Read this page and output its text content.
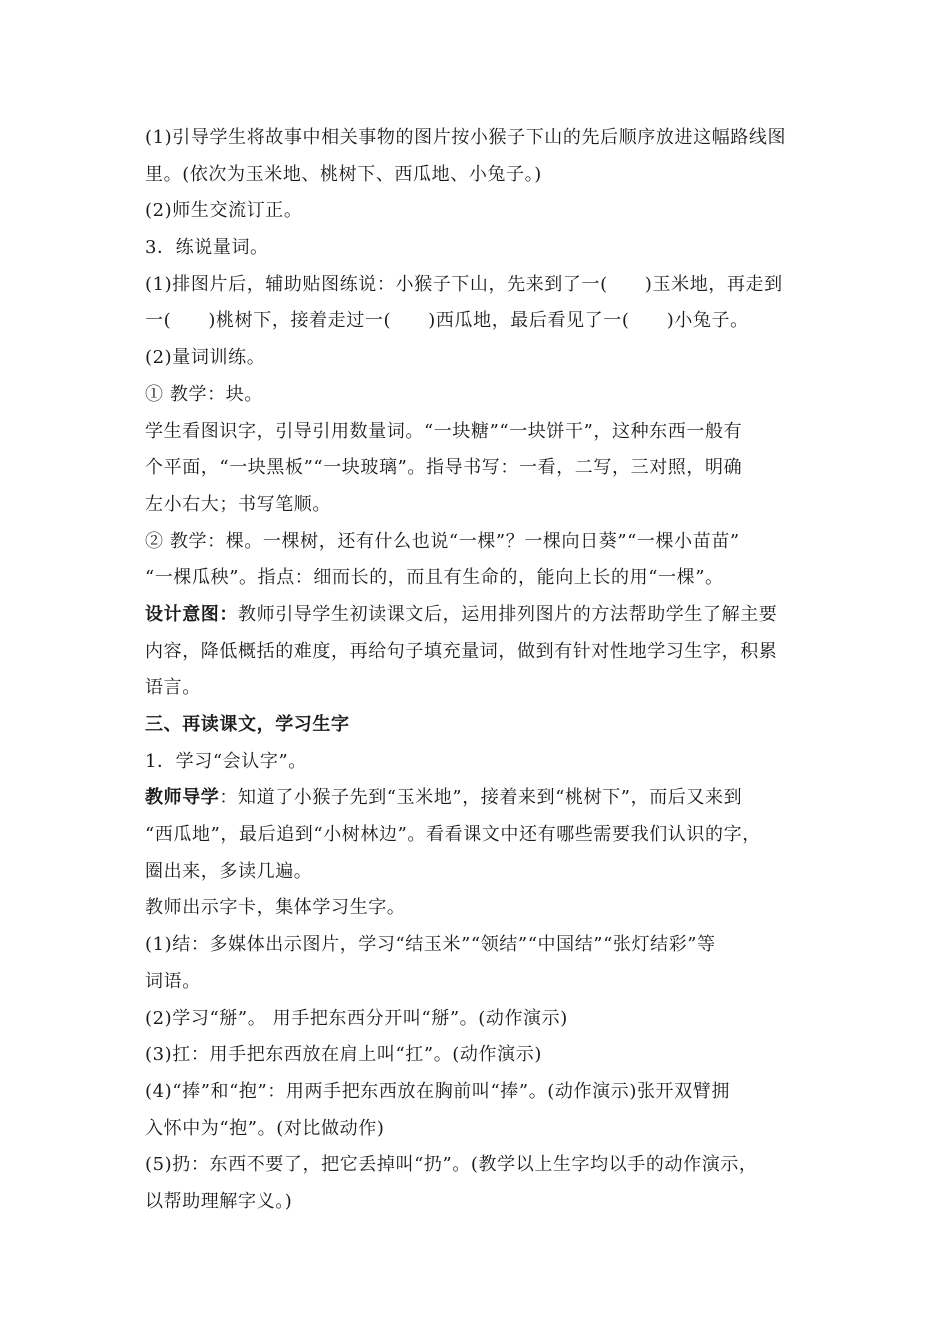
(1)引导学生将故事中相关事物的图片按小猴子下山的先后顺序放进这幅路线图
里。(依次为玉米地、桃树下、西瓜地、小兔子。)
(2)师生交流订正。
3．练说量词。
(1)排图片后，辅助贴图练说：小猴子下山，先来到了一(　　)玉米地，再走到
一(　　)桃树下，接着走过一(　　)西瓜地，最后看见了一(　　)小兔子。
(2)量词训练。
① 教学：块。
学生看图识字，引导引用数量词。“一块糖”“一块饼干”，这种东西一般有
个平面，“一块黑板”“一块玻璃”。指导书写：一看，二写，三对照，明确
左小右大；书写笔顺。
② 教学：棵。一棵树，还有什么也说“一棵”？一棵向日葵”“一棵小苗苗”
“一棵瓜秧”。指点：细而长的，而且有生命的，能向上长的用“一棵”。
设计意图：教师引导学生初读课文后，运用排列图片的方法帮助学生了解主要
内容，降低概括的难度，再给句子填充量词，做到有针对性地学习生字，积累
语言。
三、再读课文，学习生字
1．学习“会认字”。
教师导学：知道了小猴子先到“玉米地”，接着来到“桃树下”，而后又来到
“西瓜地”，最后追到“小树林边”。看看课文中还有哪些需要我们认识的字，
圈出来，多读几遍。
教师出示字卡，集体学习生字。
(1)结：多媒体出示图片，学习“结玉米”“领结”“中国结”“张灯结彩”等
词语。
(2)学习“掰”。 用手把东西分开叫“掰”。(动作演示)
(3)扛：用手把东西放在肩上叫“扛”。(动作演示)
(4)“捧”和“抱”：用两手把东西放在胸前叫“捧”。(动作演示)张开双臂拥
入怀中为“抱”。(对比做动作)
(5)扔：东西不要了，把它丢掉叫“扔”。(教学以上生字均以手的动作演示，
以帮助理解字义。)
